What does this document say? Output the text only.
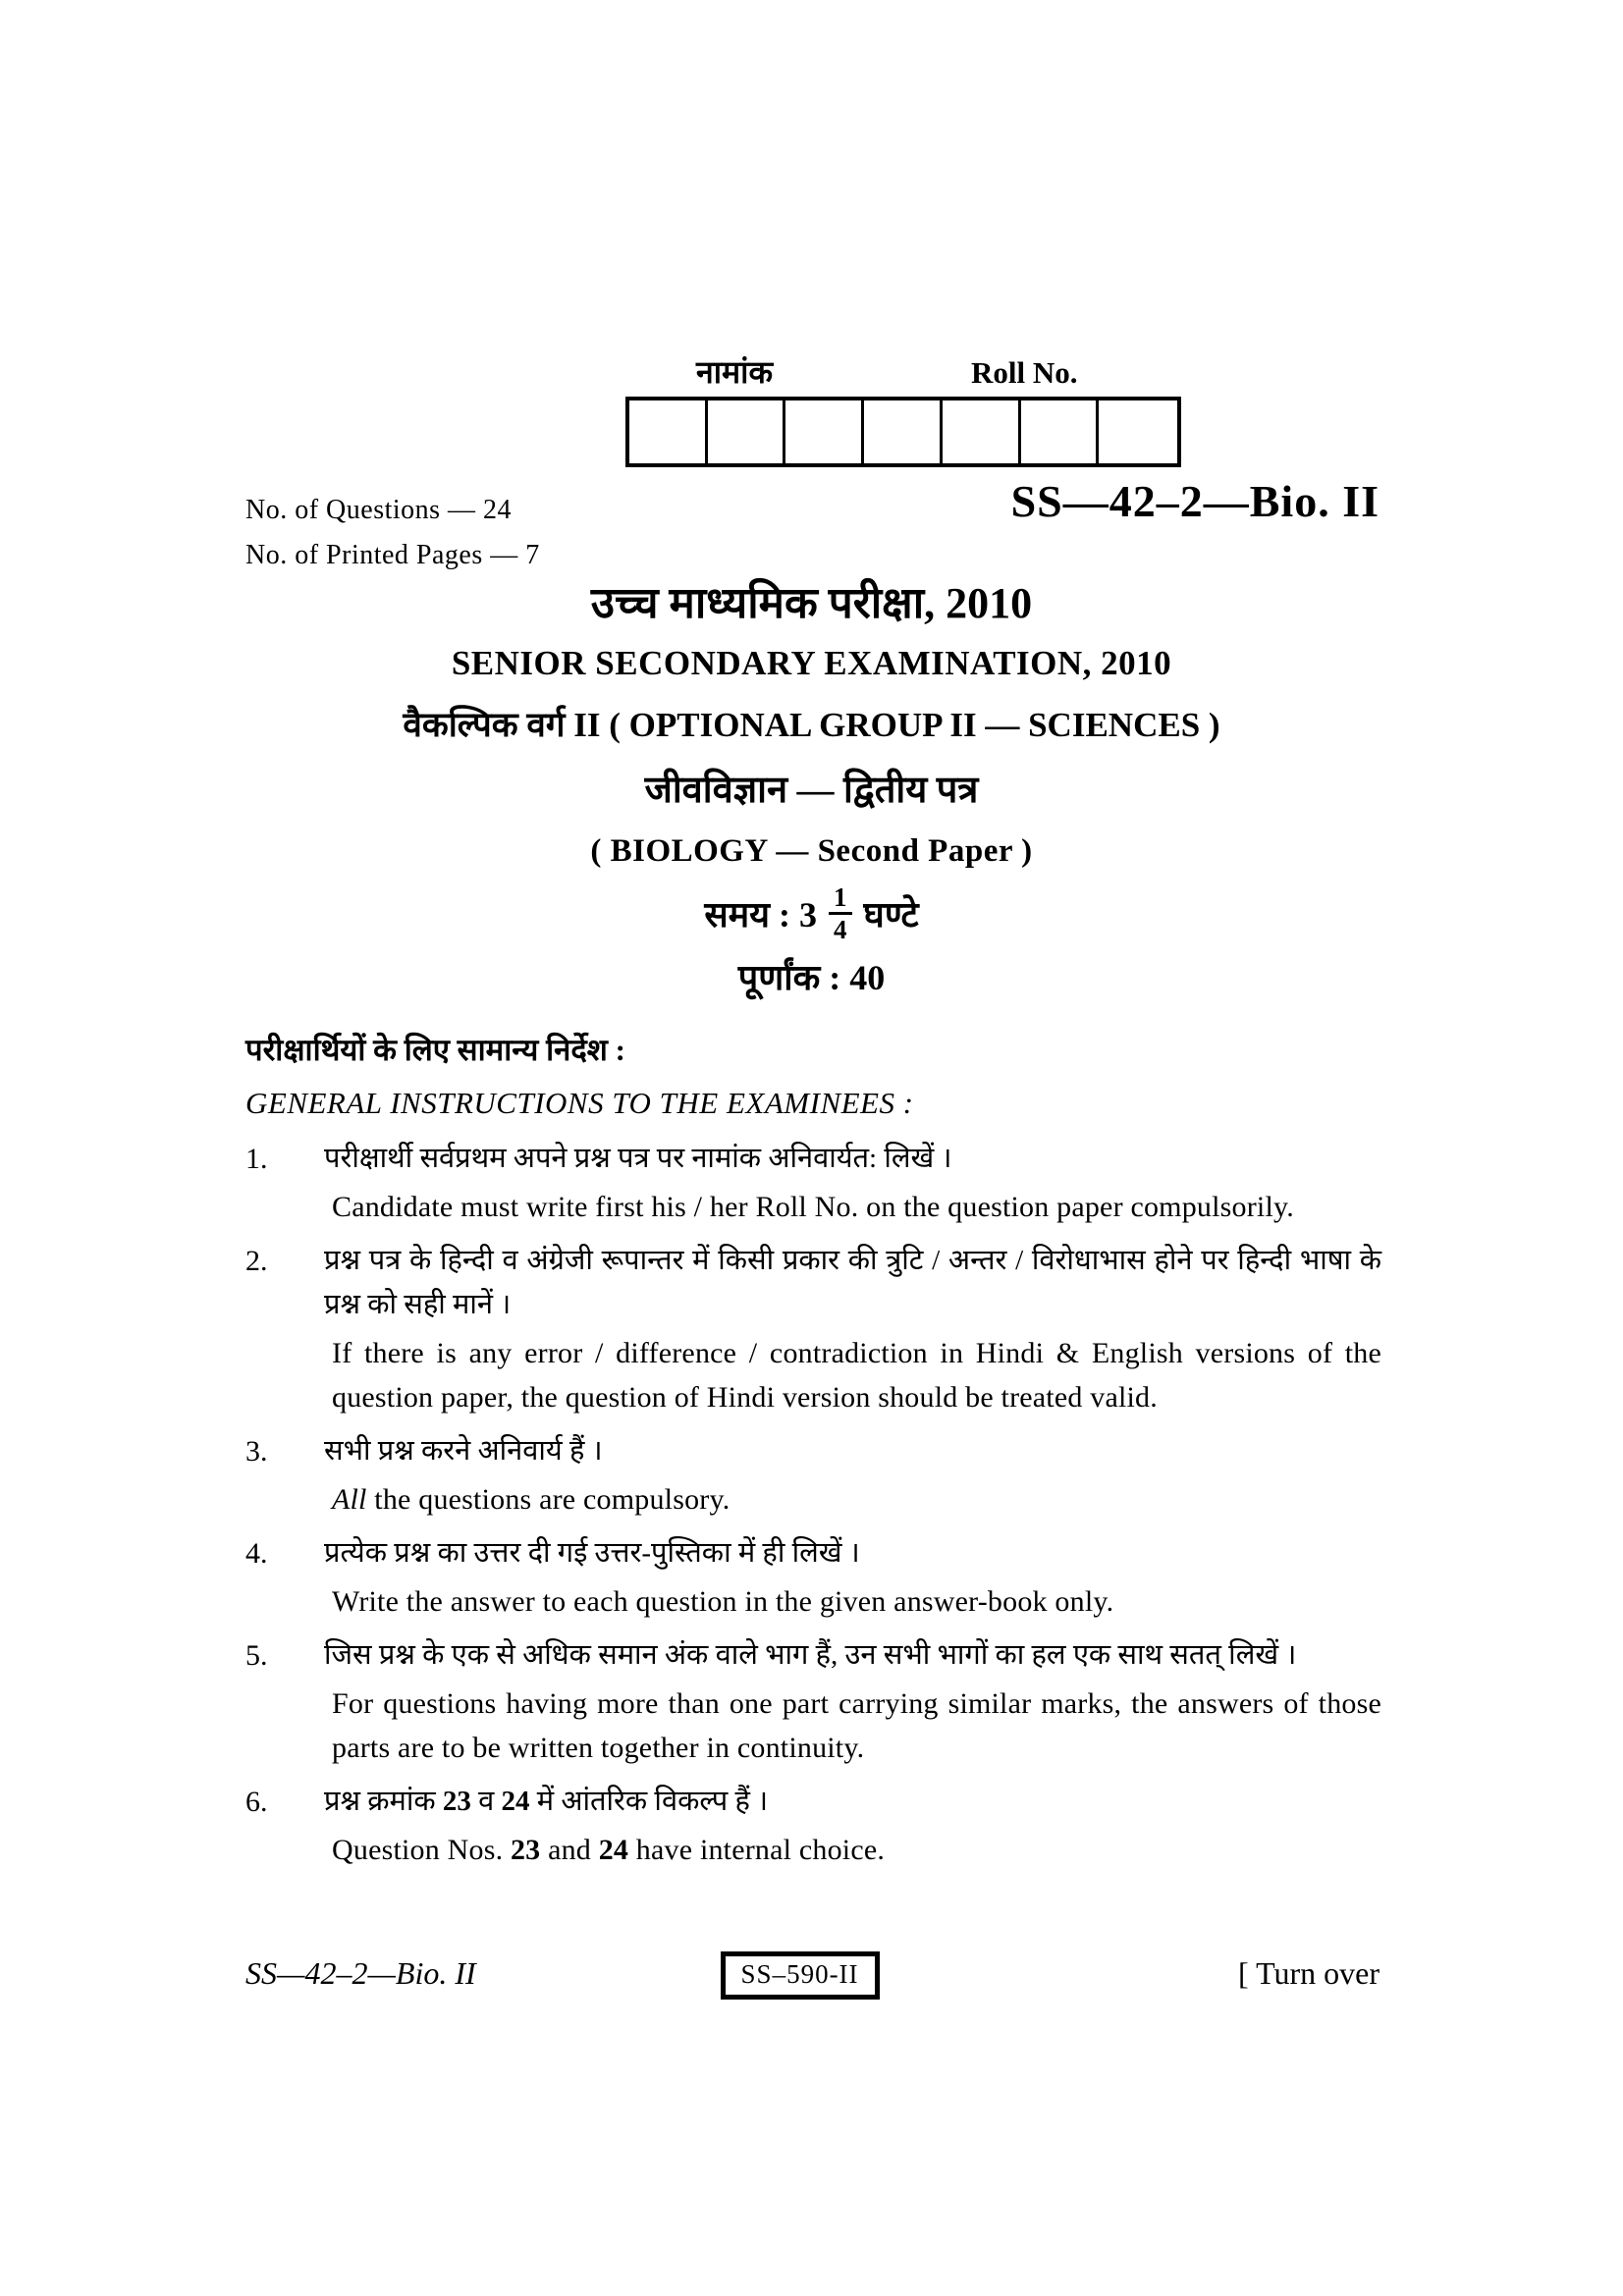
नामांक	Roll No.
No. of Questions — 24
No. of Printed Pages — 7
SS—42–2—Bio. II
उच्च माध्यमिक परीक्षा, 2010
SENIOR SECONDARY EXAMINATION, 2010
वैकल्पिक वर्ग II ( OPTIONAL GROUP II — SCIENCES )
जीवविज्ञान — द्वितीय पत्र
( BIOLOGY — Second Paper )
समय : $3 \frac{1}{4}$ घण्टे
पूर्णांक : 40
परीक्षार्थियों के लिए सामान्य निर्देश :
GENERAL INSTRUCTIONS TO THE EXAMINEES :
1.	परीक्षार्थी सर्वप्रथम अपने प्रश्न पत्र पर नामांक अनिवार्यत: लिखें ।

Candidate must write first his / her Roll No. on the question paper compulsorily.

2.	प्रश्न पत्र के हिन्दी व अंग्रेजी रूपान्तर में किसी प्रकार की त्रुटि / अन्तर / विरोधाभास होने पर हिन्दी भाषा के प्रश्न को सही मानें ।

If there is any error / difference / contradiction in Hindi & English versions of the question paper, the question of Hindi version should be treated valid.

3.	सभी प्रश्न करने अनिवार्य हैं ।

All the questions are compulsory.

4.	प्रत्येक प्रश्न का उत्तर दी गई उत्तर-पुस्तिका में ही लिखें ।

Write the answer to each question in the given answer-book only.

5.	जिस प्रश्न के एक से अधिक समान अंक वाले भाग हैं, उन सभी भागों का हल एक साथ सतत् लिखें ।

For questions having more than one part carrying similar marks, the answers of those parts are to be written together in continuity.

6.	प्रश्न क्रमांक 23 व 24 में आंतरिक विकल्प हैं ।

Question Nos. 23 and 24 have internal choice.

SS—42–2—Bio. II	SS–590-II	[ Turn over
